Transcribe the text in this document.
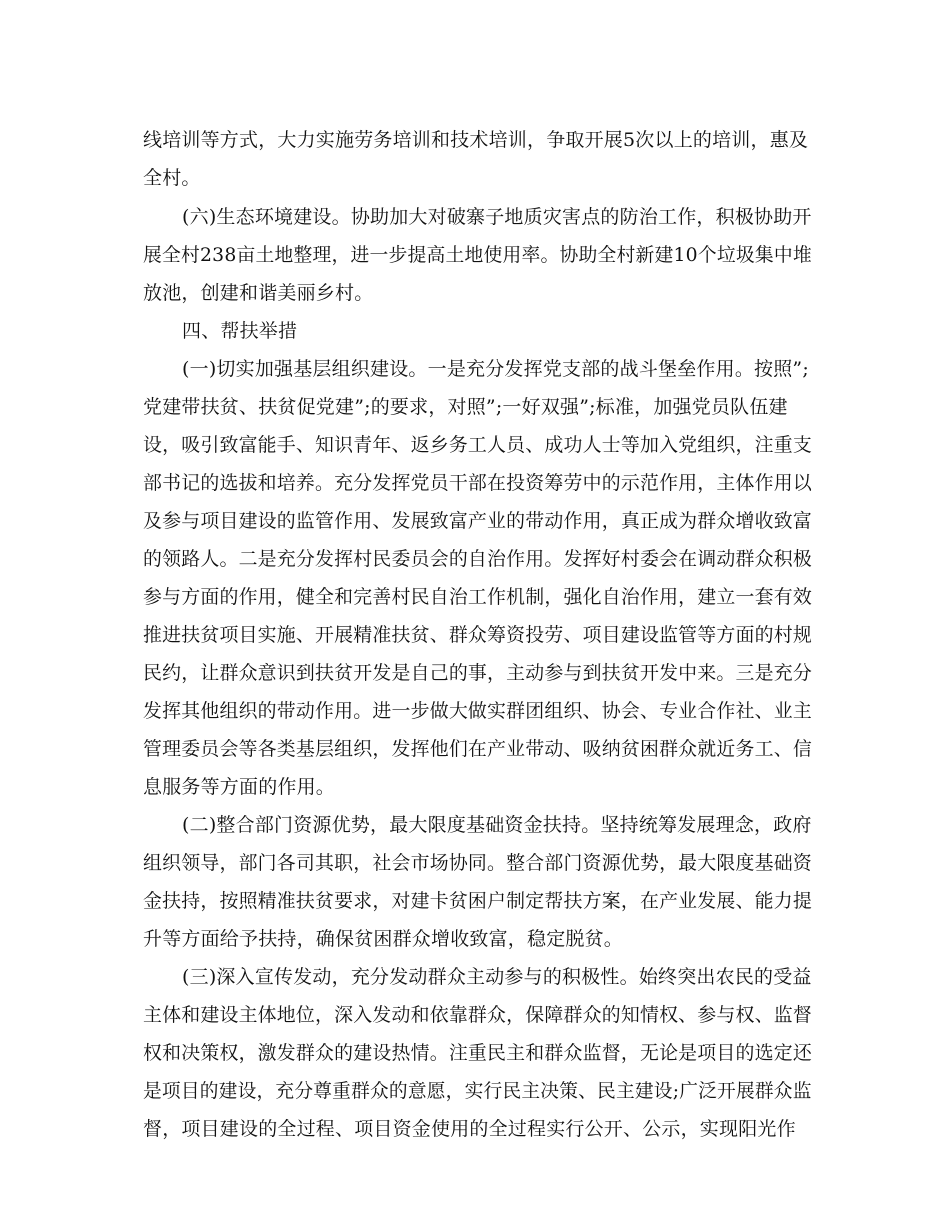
线培训等方式，大力实施劳务培训和技术培训，争取开展5次以上的培训，惠及
全村。
(六)生态环境建设。协助加大对破寨子地质灾害点的防治工作，积极协助开
展全村238亩土地整理，进一步提高土地使用率。协助全村新建10个垃圾集中堆
放池，创建和谐美丽乡村。
四、帮扶举措
(一)切实加强基层组织建设。一是充分发挥党支部的战斗堡垒作用。按照”;
党建带扶贫、扶贫促党建”;的要求，对照”;一好双强”;标准，加强党员队伍建
设，吸引致富能手、知识青年、返乡务工人员、成功人士等加入党组织，注重支
部书记的选拔和培养。充分发挥党员干部在投资筹劳中的示范作用，主体作用以
及参与项目建设的监管作用、发展致富产业的带动作用，真正成为群众增收致富
的领路人。二是充分发挥村民委员会的自治作用。发挥好村委会在调动群众积极
参与方面的作用，健全和完善村民自治工作机制，强化自治作用，建立一套有效
推进扶贫项目实施、开展精准扶贫、群众筹资投劳、项目建设监管等方面的村规
民约，让群众意识到扶贫开发是自己的事，主动参与到扶贫开发中来。三是充分
发挥其他组织的带动作用。进一步做大做实群团组织、协会、专业合作社、业主
管理委员会等各类基层组织，发挥他们在产业带动、吸纳贫困群众就近务工、信
息服务等方面的作用。
(二)整合部门资源优势，最大限度基础资金扶持。坚持统筹发展理念，政府
组织领导，部门各司其职，社会市场协同。整合部门资源优势，最大限度基础资
金扶持，按照精准扶贫要求，对建卡贫困户制定帮扶方案，在产业发展、能力提
升等方面给予扶持，确保贫困群众增收致富，稳定脱贫。
(三)深入宣传发动，充分发动群众主动参与的积极性。始终突出农民的受益
主体和建设主体地位，深入发动和依靠群众，保障群众的知情权、参与权、监督
权和决策权，激发群众的建设热情。注重民主和群众监督，无论是项目的选定还
是项目的建设，充分尊重群众的意愿，实行民主决策、民主建设;广泛开展群众监
督，项目建设的全过程、项目资金使用的全过程实行公开、公示，实现阳光作
